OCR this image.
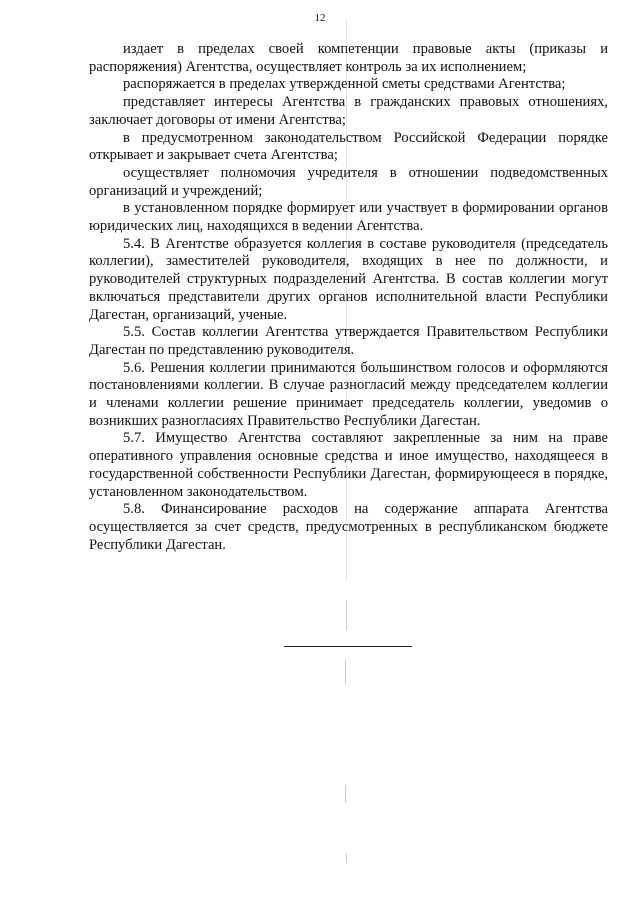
12

издает в пределах своей компетенции правовые акты (приказы и распоряжения) Агентства, осуществляет контроль за их исполнением;

распоряжается в пределах утвержденной сметы средствами Агентства;

представляет интересы Агентства в гражданских правовых отношениях, заключает договоры от имени Агентства;

в предусмотренном законодательством Российской Федерации порядке открывает и закрывает счета Агентства;

осуществляет полномочия учредителя в отношении подведомственных организаций и учреждений;

в установленном порядке формирует или участвует в формировании органов юридических лиц, находящихся в ведении Агентства.

5.4. В Агентстве образуется коллегия в составе руководителя (председатель коллегии), заместителей руководителя, входящих в нее по должности, и руководителей структурных подразделений Агентства. В состав коллегии могут включаться представители других органов исполнительной власти Республики Дагестан, организаций, ученые.

5.5. Состав коллегии Агентства утверждается Правительством Республики Дагестан по представлению руководителя.

5.6. Решения коллегии принимаются большинством голосов и оформляются постановлениями коллегии. В случае разногласий между председателем коллегии и членами коллегии решение принимает председатель коллегии, уведомив о возникших разногласиях Правительство Республики Дагестан.

5.7. Имущество Агентства составляют закрепленные за ним на праве оперативного управления основные средства и иное имущество, находящееся в государственной собственности Республики Дагестан, формирующееся в порядке, установленном законодательством.

5.8. Финансирование расходов на содержание аппарата Агентства осуществляется за счет средств, предусмотренных в республиканском бюджете Республики Дагестан.
